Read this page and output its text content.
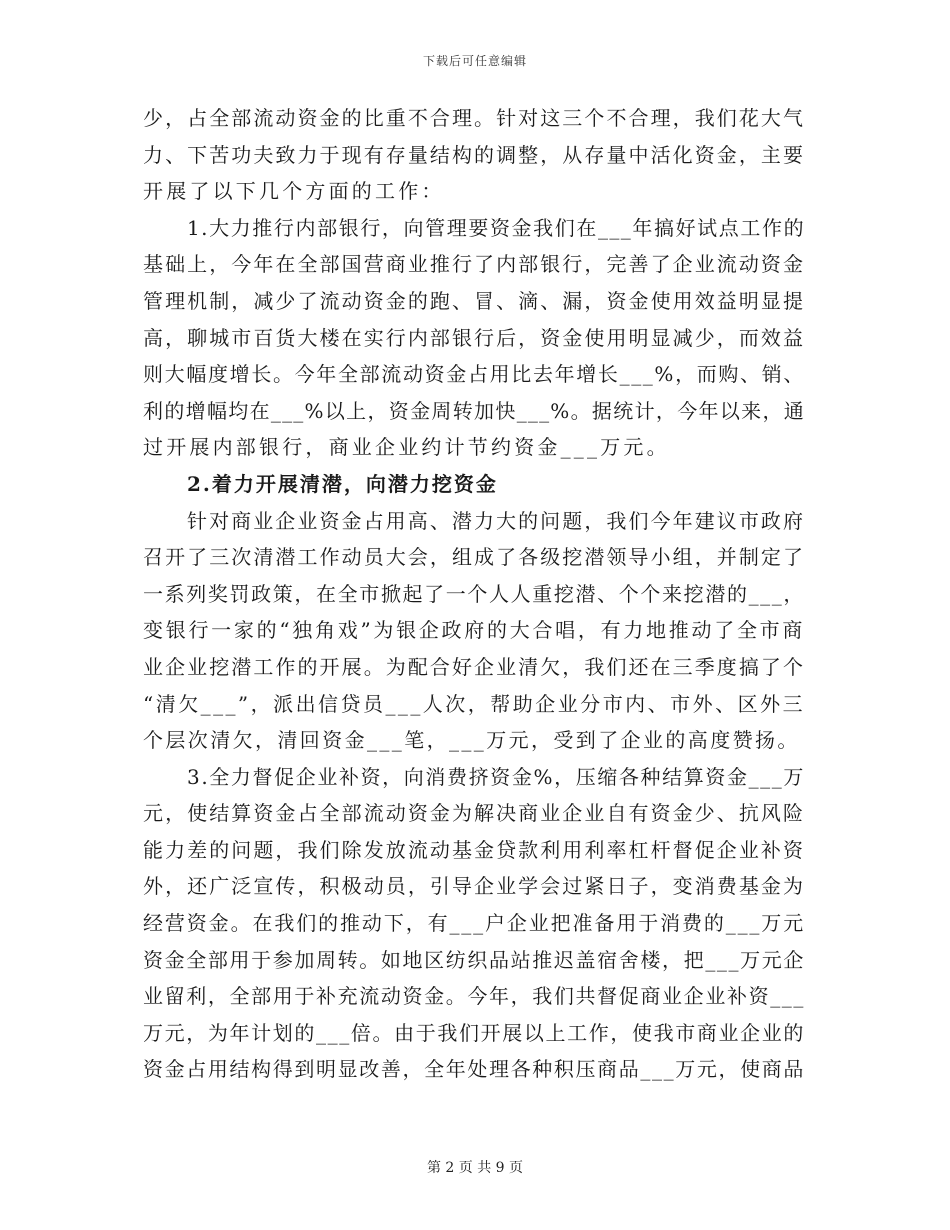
下载后可任意编辑
少，占全部流动资金的比重不合理。针对这三个不合理，我们花大气
力、下苦功夫致力于现有存量结构的调整，从存量中活化资金，主要
开展了以下几个方面的工作：
1.大力推行内部银行，向管理要资金我们在___年搞好试点工作的
基础上，今年在全部国营商业推行了内部银行，完善了企业流动资金
管理机制，减少了流动资金的跑、冒、滴、漏，资金使用效益明显提
高，聊城市百货大楼在实行内部银行后，资金使用明显减少，而效益
则大幅度增长。今年全部流动资金占用比去年增长___%，而购、销、
利的增幅均在___%以上，资金周转加快___%。据统计，今年以来，通
过开展内部银行，商业企业约计节约资金___万元。
2.着力开展清潜，向潜力挖资金
针对商业企业资金占用高、潜力大的问题，我们今年建议市政府
召开了三次清潜工作动员大会，组成了各级挖潜领导小组，并制定了
一系列奖罚政策，在全市掀起了一个人人重挖潜、个个来挖潜的___，
变银行一家的“独角戏”为银企政府的大合唱，有力地推动了全市商
业企业挖潜工作的开展。为配合好企业清欠，我们还在三季度搞了个
“清欠___”，派出信贷员___人次，帮助企业分市内、市外、区外三
个层次清欠，清回资金___笔，___万元，受到了企业的高度赞扬。
3.全力督促企业补资，向消费挤资金%，压缩各种结算资金___万
元，使结算资金占全部流动资金为解决商业企业自有资金少、抗风险
能力差的问题，我们除发放流动基金贷款利用利率杠杆督促企业补资
外，还广泛宣传，积极动员，引导企业学会过紧日子，变消费基金为
经营资金。在我们的推动下，有___户企业把准备用于消费的___万元
资金全部用于参加周转。如地区纺织品站推迟盖宿舍楼，把___万元企
业留利，全部用于补充流动资金。今年，我们共督促商业企业补资___
万元，为年计划的___倍。由于我们开展以上工作，使我市商业企业的
资金占用结构得到明显改善，全年处理各种积压商品___万元，使商品
第 2 页 共 9 页
